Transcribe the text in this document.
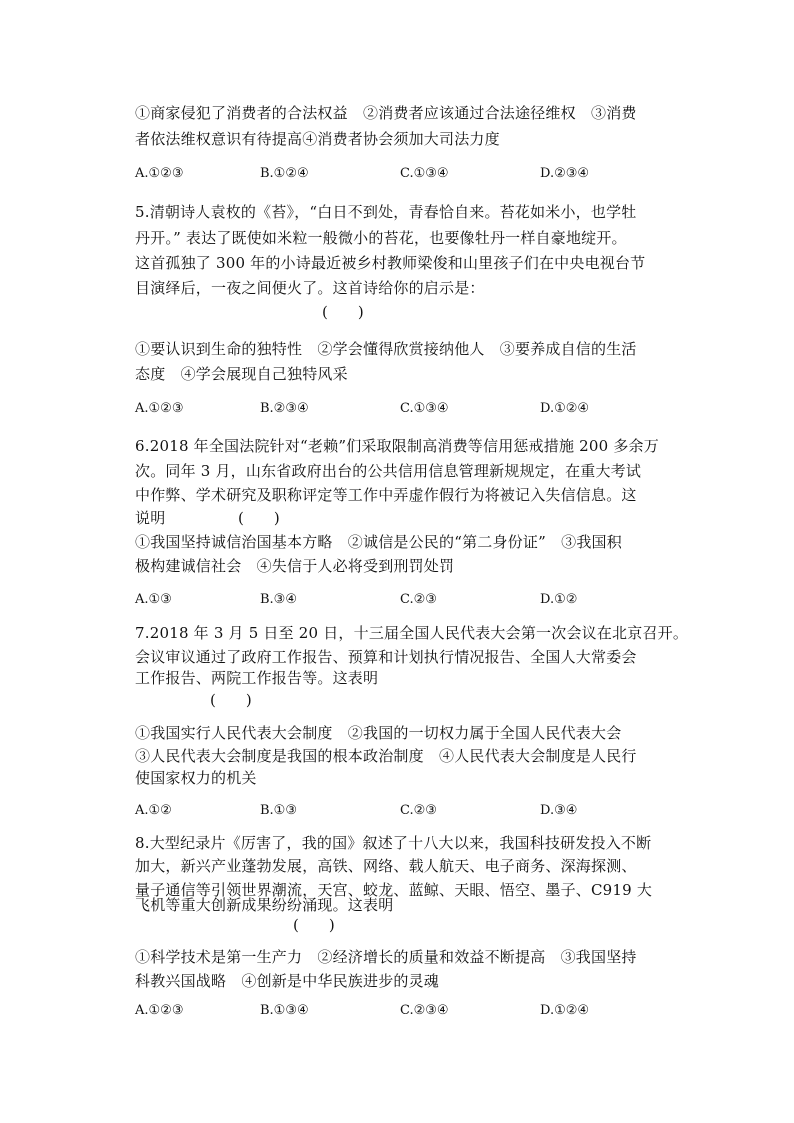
①商家侵犯了消费者的合法权益　②消费者应该通过合法途径维权　③消费
者依法维权意识有待提高④消费者协会须加大司法力度
A.①②③	B.①②④	C.①③④	D.②③④
5.清朝诗人袁枚的《苔》，“白日不到处，青春恰自来。苔花如米小，也学牡
丹开。” 表达了既使如米粒一般微小的苔花，也要像牡丹一样自豪地绽开。
这首孤独了 300 年的小诗最近被乡村教师梁俊和山里孩子们在中央电视台节
目演绎后，一夜之间便火了。这首诗给你的启示是：
(　　)
①要认识到生命的独特性　②学会懂得欣赏接纳他人　③要养成自信的生活
态度　④学会展现自己独特风采
A.①②③	B.②③④	C.①③④	D.①②④
6.2018 年全国法院针对“老赖”们采取限制高消费等信用惩戒措施 200 多余万
次。同年 3 月，山东省政府出台的公共信用信息管理新规规定，在重大考试
中作弊、学术研究及职称评定等工作中弄虚作假行为将被记入失信信息。这
说明	(　　)
①我国坚持诚信治国基本方略　②诚信是公民的“第二身份证”　③我国积
极构建诚信社会　④失信于人必将受到刑罚处罚
A.①③	B.③④	C.②③	D.①②
7.2018 年 3 月 5 日至 20 日，十三届全国人民代表大会第一次会议在北京召开。
会议审议通过了政府工作报告、预算和计划执行情况报告、全国人大常委会
工作报告、两院工作报告等。这表明
(　　)
①我国实行人民代表大会制度　②我国的一切权力属于全国人民代表大会
③人民代表大会制度是我国的根本政治制度　④人民代表大会制度是人民行
使国家权力的机关
A.①②	B.①③	C.②③	D.③④
8.大型纪录片《厉害了，我的国》叙述了十八大以来，我国科技研发投入不断
加大，新兴产业蓬勃发展，高铁、网络、载人航天、电子商务、深海探测、
量子通信等引领世界潮流，天宫、蛟龙、蓝鲸、天眼、悟空、墨子、C919 大
飞机等重大创新成果纷纷涌现。这表明
(　　)
①科学技术是第一生产力　②经济增长的质量和效益不断提高　③我国坚持
科教兴国战略　④创新是中华民族进步的灵魂
A.①②③	B.①③④	C.②③④	D.①②④
